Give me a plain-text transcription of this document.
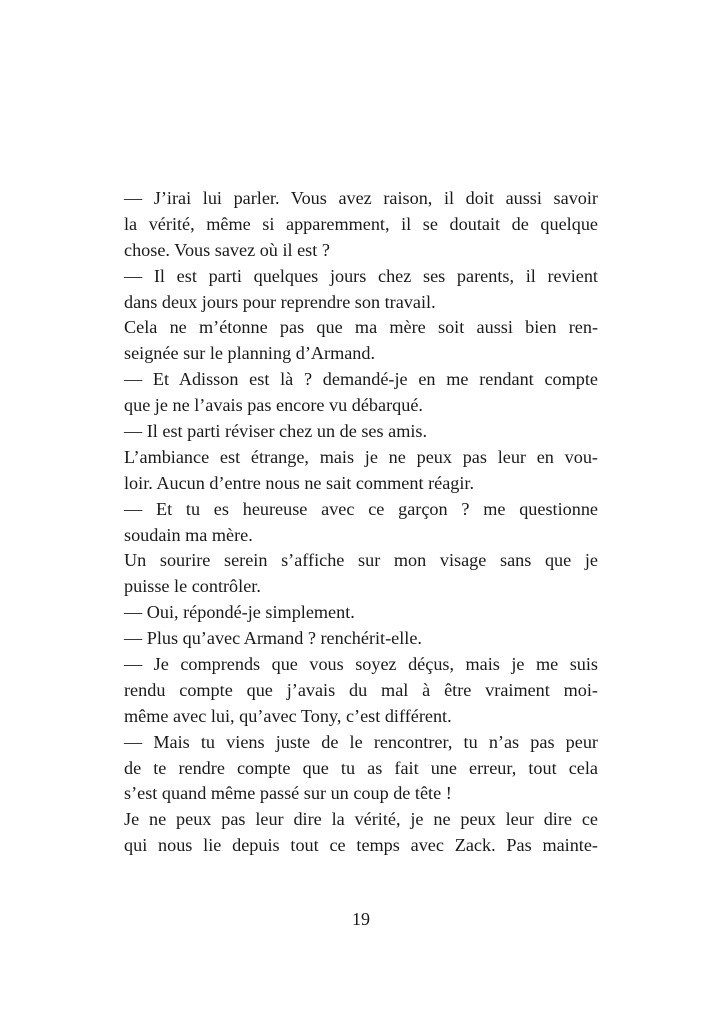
— J’irai lui parler. Vous avez raison, il doit aussi savoir
la vérité, même si apparemment, il se doutait de quelque
chose. Vous savez où il est ?
— Il est parti quelques jours chez ses parents, il revient
dans deux jours pour reprendre son travail.
Cela ne m’étonne pas que ma mère soit aussi bien ren-
seignée sur le planning d’Armand.
— Et Adisson est là ? demandé-je en me rendant compte
que je ne l’avais pas encore vu débarqué.
— Il est parti réviser chez un de ses amis.
L’ambiance est étrange, mais je ne peux pas leur en vou-
loir. Aucun d’entre nous ne sait comment réagir.
— Et tu es heureuse avec ce garçon ? me questionne
soudain ma mère.
Un sourire serein s’affiche sur mon visage sans que je
puisse le contrôler.
— Oui, répondé-je simplement.
— Plus qu’avec Armand ? renchérit-elle.
— Je comprends que vous soyez déçus, mais je me suis
rendu compte que j’avais du mal à être vraiment moi-
même avec lui, qu’avec Tony, c’est différent.
— Mais tu viens juste de le rencontrer, tu n’as pas peur
de te rendre compte que tu as fait une erreur, tout cela
s’est quand même passé sur un coup de tête !
Je ne peux pas leur dire la vérité, je ne peux leur dire ce
qui nous lie depuis tout ce temps avec Zack. Pas mainte-
19
